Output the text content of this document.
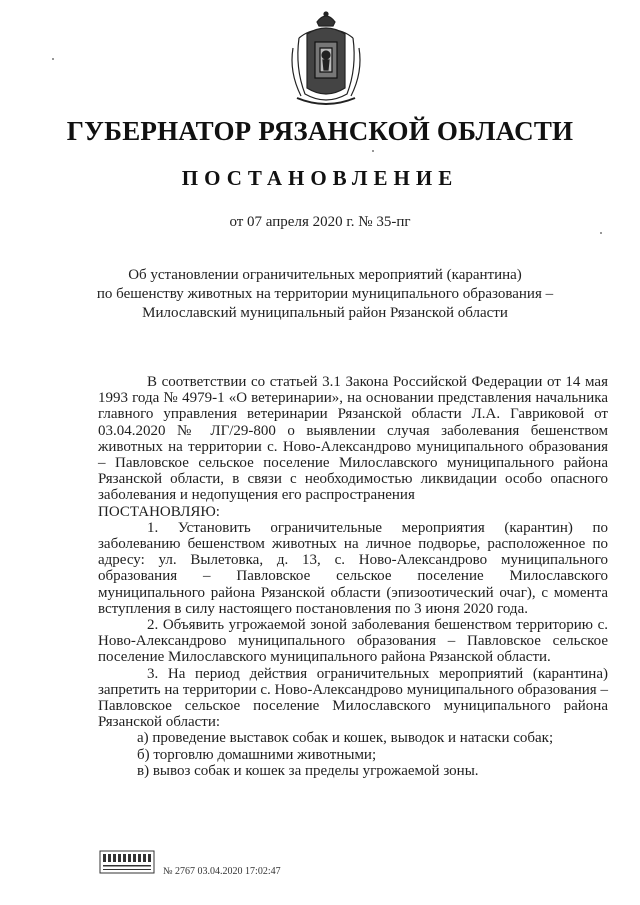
ГУБЕРНАТОР РЯЗАНСКОЙ ОБЛАСТИ
ПОСТАНОВЛЕНИЕ
от 07 апреля 2020 г. № 35-пг
Об установлении ограничительных мероприятий (карантина)
по бешенству животных на территории муниципального образования –
Милославский муниципальный район Рязанской области

В соответствии со статьей 3.1 Закона Российской Федерации от 14 мая 1993 года № 4979-1 «О ветеринарии», на основании представления начальника главного управления ветеринарии Рязанской области Л.А. Гавриковой от 03.04.2020 № ЛГ/29-800 о выявлении случая заболевания бешенством животных на территории с. Ново-Александрово муниципального образования – Павловское сельское поселение Милославского муниципального района Рязанской области, в связи с необходимостью ликвидации особо опасного заболевания и недопущения его распространения

ПОСТАНОВЛЯЮ:

1. Установить ограничительные мероприятия (карантин) по заболеванию бешенством животных на личное подворье, расположенное по адресу: ул. Вылетовка, д. 13, с. Ново-Александрово муниципального образования – Павловское сельское поселение Милославского муниципального района Рязанской области (эпизоотический очаг), с момента вступления в силу настоящего постановления по 3 июня 2020 года.

2. Объявить угрожаемой зоной заболевания бешенством территорию с. Ново-Александрово муниципального образования – Павловское сельское поселение Милославского муниципального района Рязанской области.

3. На период действия ограничительных мероприятий (карантина) запретить на территории с. Ново-Александрово муниципального образования – Павловское сельское поселение Милославского муниципального района Рязанской области:

а) проведение выставок собак и кошек, выводок и натаски собак;

б) торговлю домашними животными;

в) вывоз собак и кошек за пределы угрожаемой зоны.

№ 2767 03.04.2020 17:02:47
